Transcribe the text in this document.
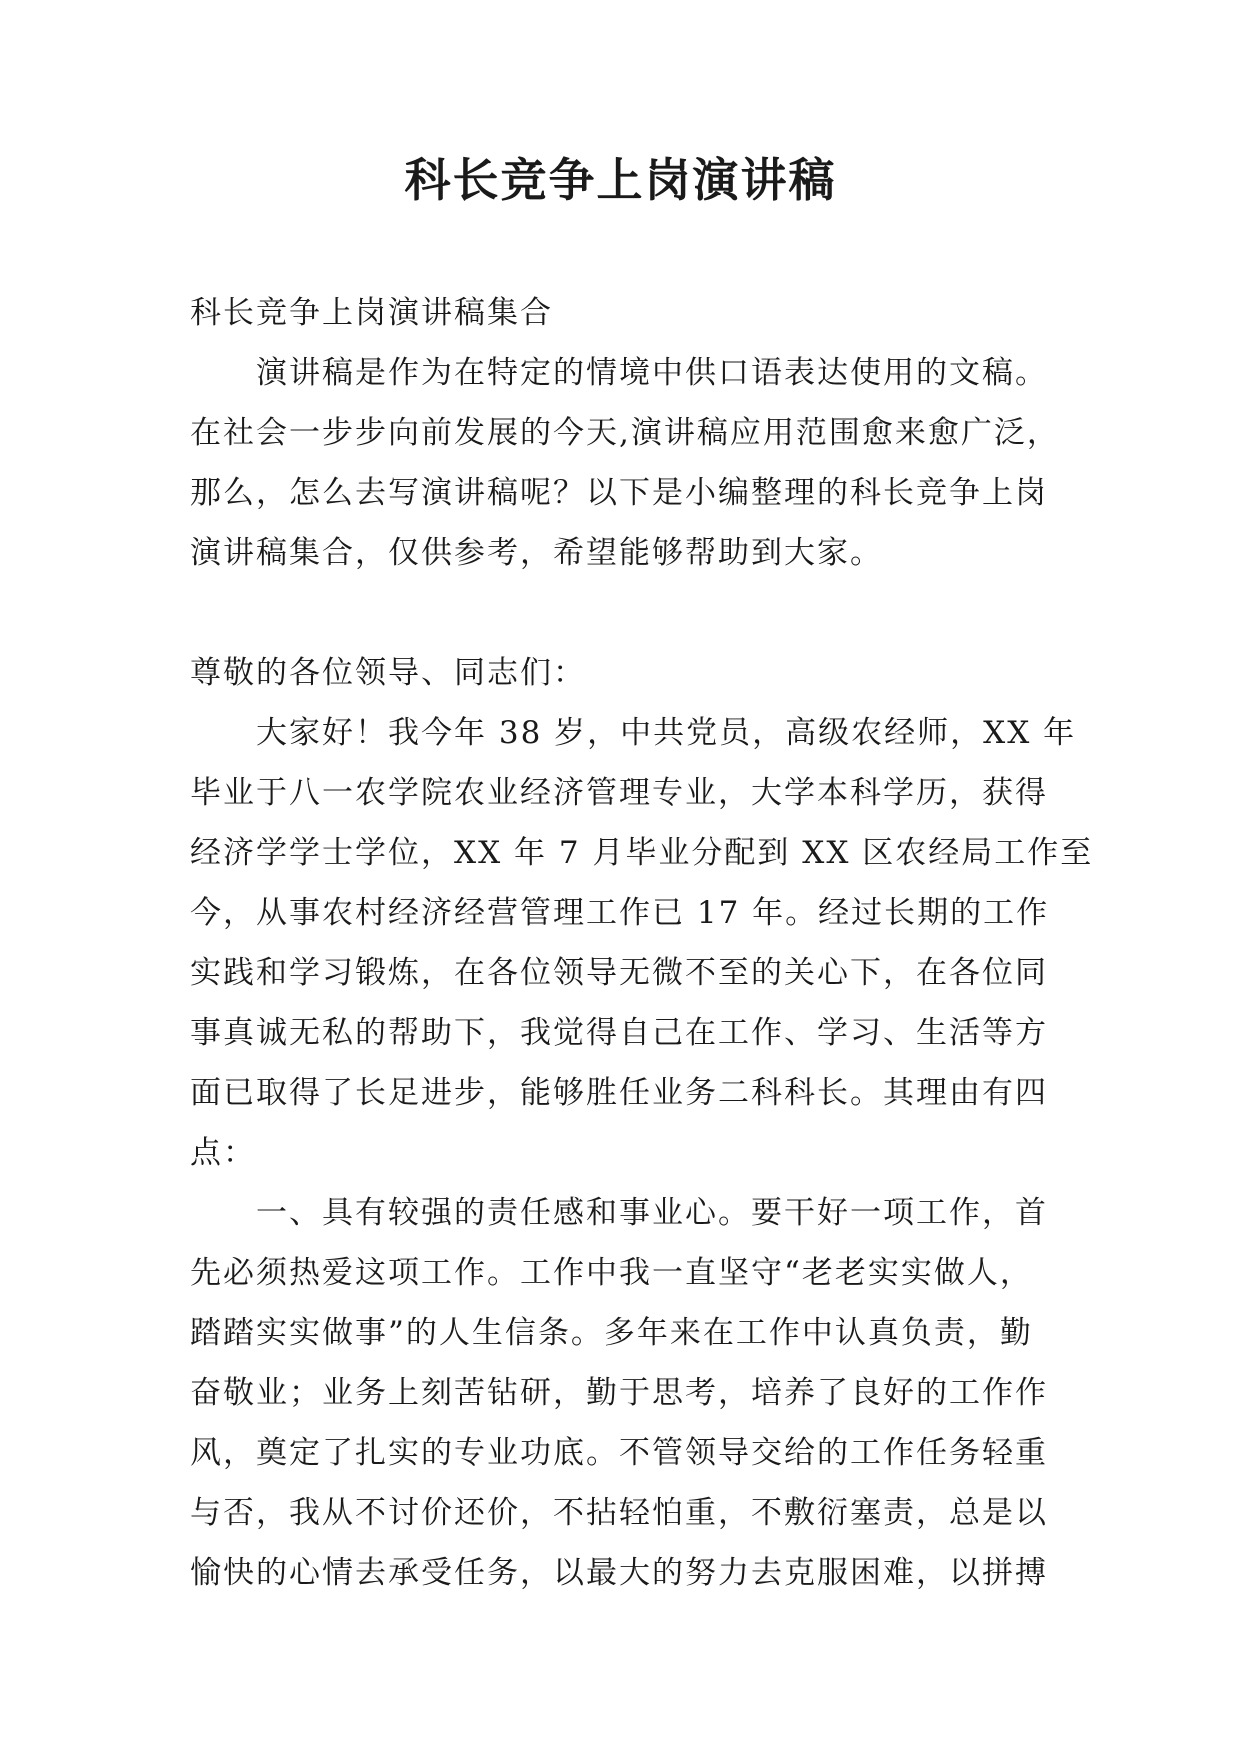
科长竞争上岗演讲稿
科长竞争上岗演讲稿集合
演讲稿是作为在特定的情境中供口语表达使用的文稿。
在社会一步步向前发展的今天,演讲稿应用范围愈来愈广泛，
那么，怎么去写演讲稿呢？以下是小编整理的科长竞争上岗
演讲稿集合，仅供参考，希望能够帮助到大家。
尊敬的各位领导、同志们：
大家好！我今年 38 岁，中共党员，高级农经师，XX 年
毕业于八一农学院农业经济管理专业，大学本科学历，获得
经济学学士学位，XX 年 7 月毕业分配到 XX 区农经局工作至
今，从事农村经济经营管理工作已 17 年。经过长期的工作
实践和学习锻炼，在各位领导无微不至的关心下，在各位同
事真诚无私的帮助下，我觉得自己在工作、学习、生活等方
面已取得了长足进步，能够胜任业务二科科长。其理由有四
点：
一、具有较强的责任感和事业心。要干好一项工作，首
先必须热爱这项工作。工作中我一直坚守“老老实实做人，
踏踏实实做事”的人生信条。多年来在工作中认真负责，勤
奋敬业；业务上刻苦钻研，勤于思考，培养了良好的工作作
风，奠定了扎实的专业功底。不管领导交给的工作任务轻重
与否，我从不讨价还价，不拈轻怕重，不敷衍塞责，总是以
愉快的心情去承受任务，以最大的努力去克服困难，以拼搏
